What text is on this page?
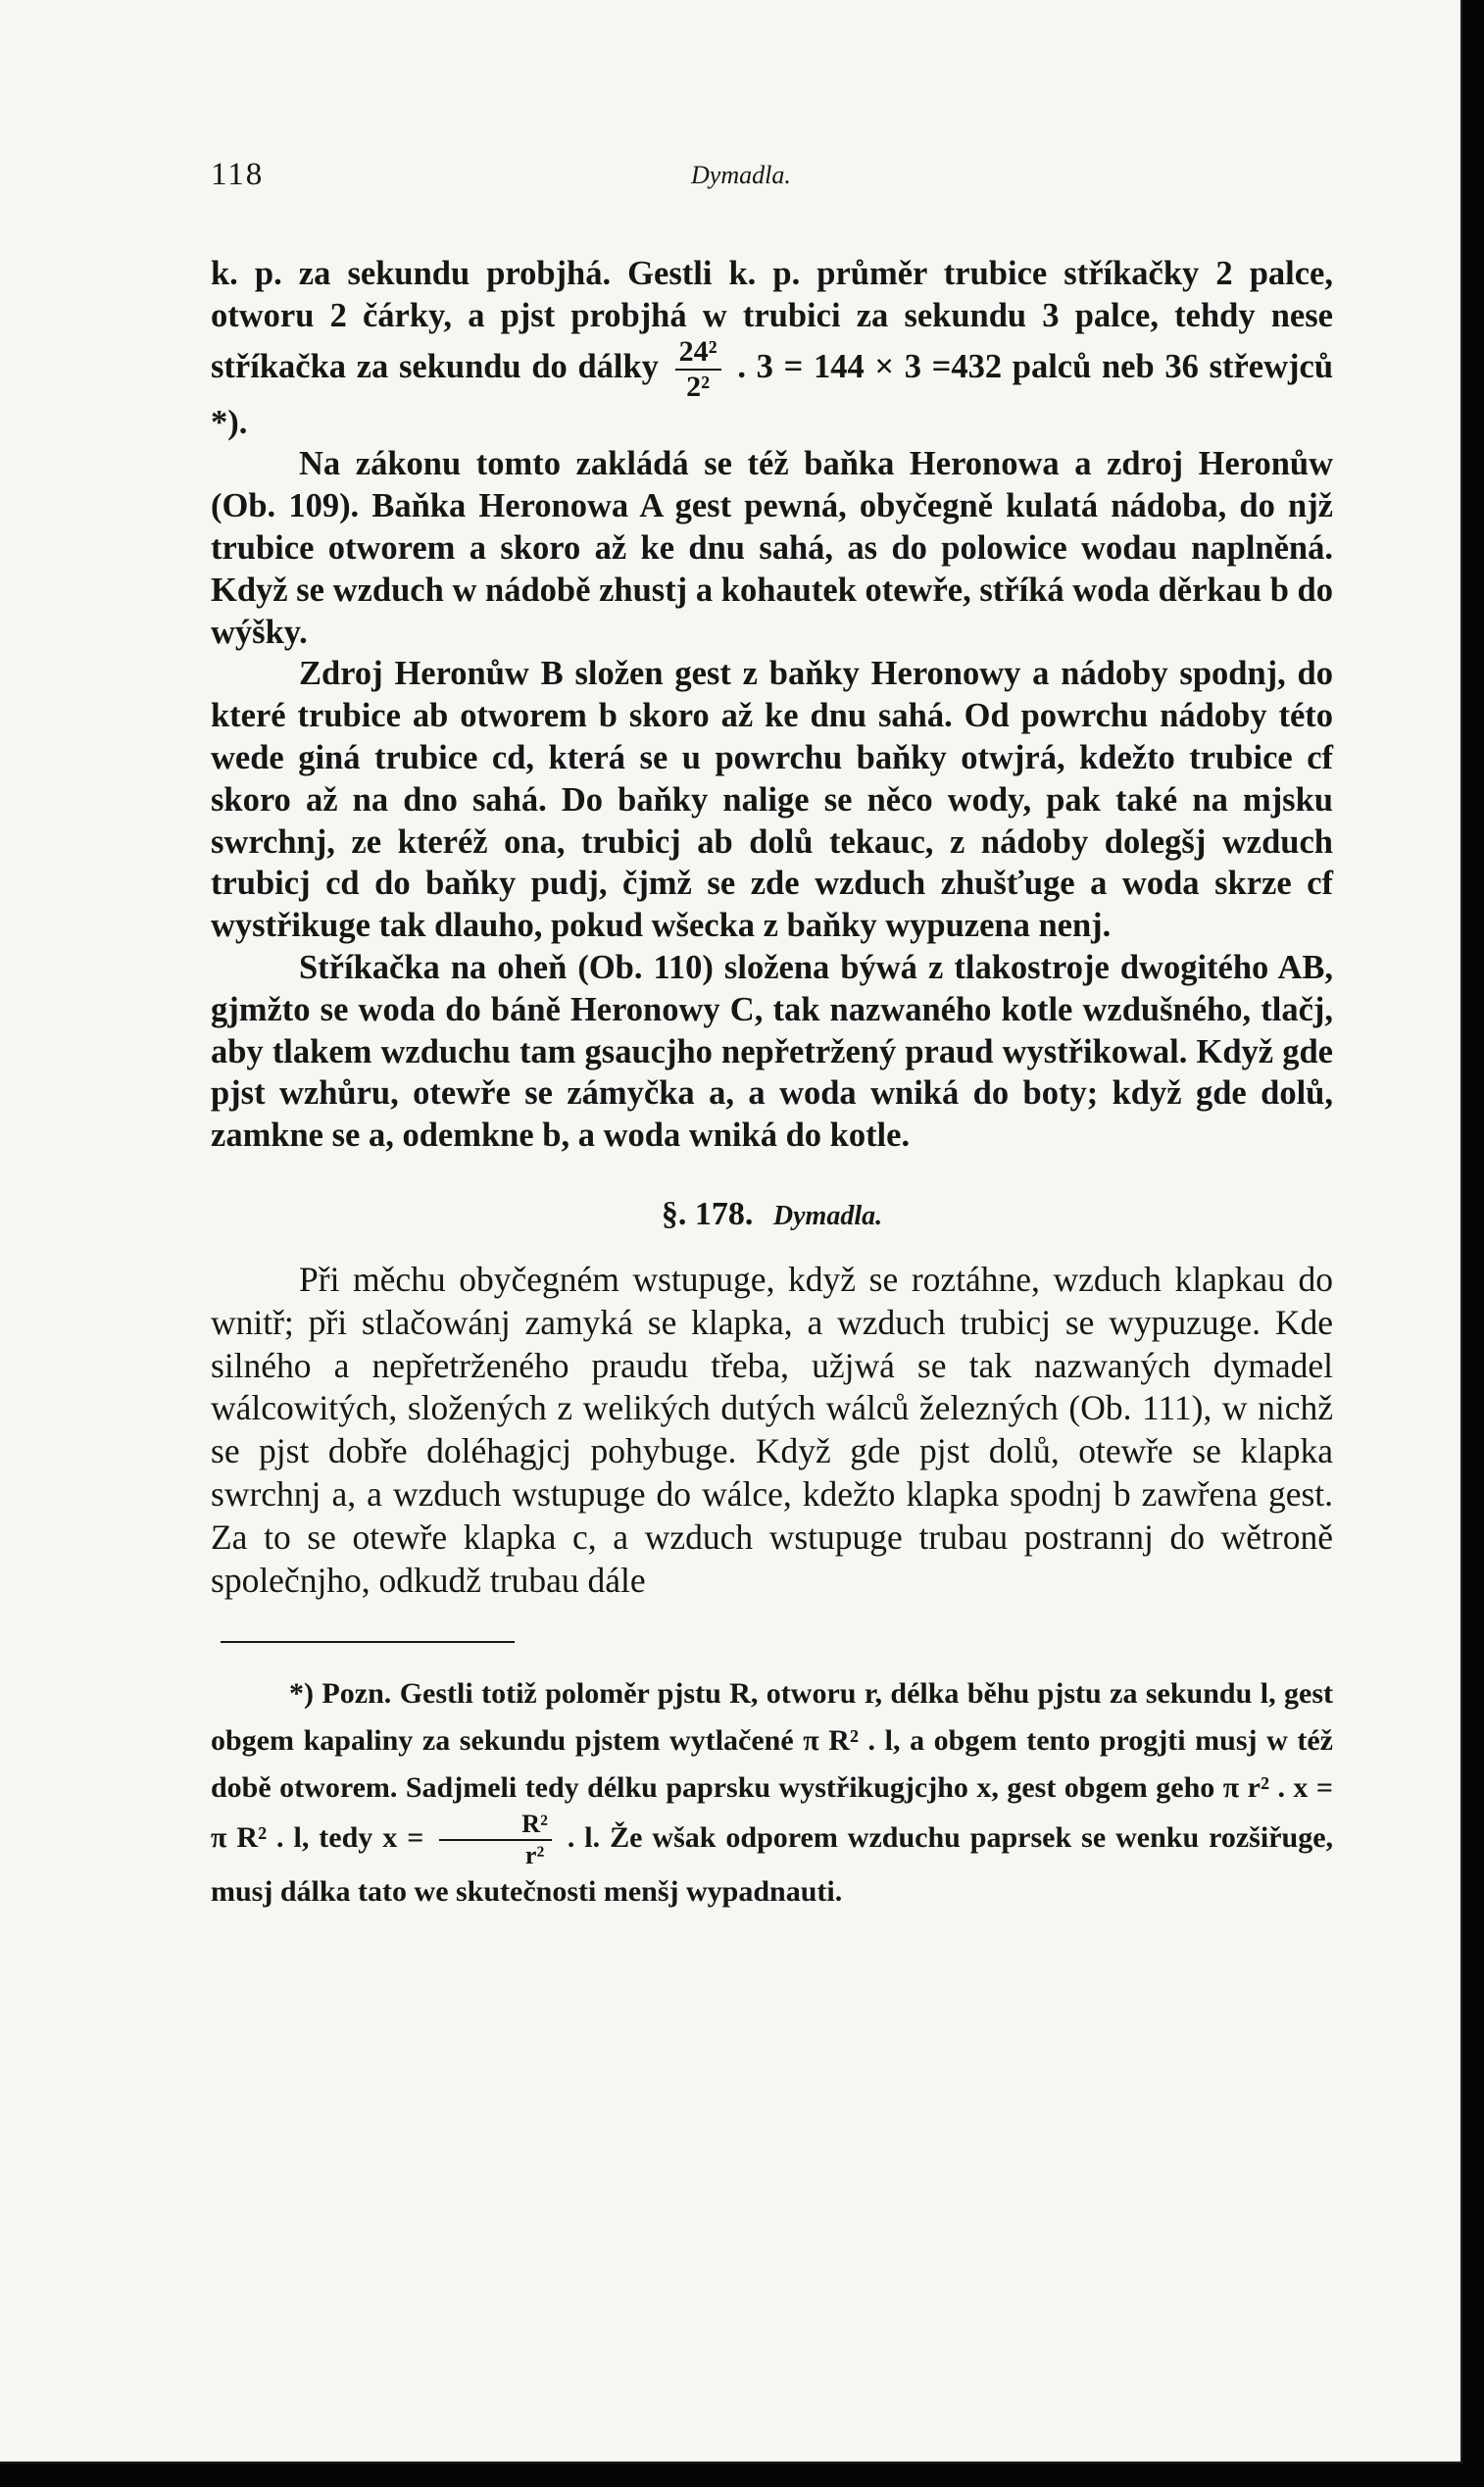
118	Dymadla.

k. p. za sekundu probjhá. Gestli k. p. průměr trubice stříkačky 2 palce, otworu 2 čárky, a pjst probjhá w trubici za sekundu 3 palce, tehdy nese stříkačka za sekundu do dálky $\frac{\text{24²}}{\text{2²}}$ . 3 = 144 × 3 =432 palců neb 36 střewjců *).

Na zákonu tomto zakládá se též baňka Heronowa a zdroj Heronůw (Ob. 109). Baňka Heronowa A gest pewná, obyčegně kulatá nádoba, do njž trubice otworem a skoro až ke dnu sahá, as do polowice wodau naplněná. Když se wzduch w nádobě zhustj a kohautek otewře, stříká woda děrkau b do wýšky.

Zdroj Heronůw B složen gest z baňky Heronowy a nádoby spodnj, do které trubice ab otworem b skoro až ke dnu sahá. Od powrchu nádoby této wede giná trubice cd, která se u powrchu baňky otwjrá, kdežto trubice cf skoro až na dno sahá. Do baňky nalige se něco wody, pak také na mjsku swrchnj, ze kteréž ona, trubicj ab dolů tekauc, z nádoby dolegšj wzduch trubicj cd do baňky pudj, čjmž se zde wzduch zhušťuge a woda skrze cf wystřikuge tak dlauho, pokud wšecka z baňky wypuzena nenj.

Stříkačka na oheň (Ob. 110) složena býwá z tlakostroje dwogitého AB, gjmžto se woda do báně Heronowy C, tak nazwaného kotle wzdušného, tlačj, aby tlakem wzduchu tam gsaucjho nepřetržený praud wystřikowal. Když gde pjst wzhůru, otewře se zámyčka a, a woda wniká do boty; když gde dolů, zamkne se a, odemkne b, a woda wniká do kotle.

§. 178. Dymadla.

Při měchu obyčegném wstupuge, když se roztáhne, wzduch klapkau do wnitř; při stlačowánj zamyká se klapka, a wzduch trubicj se wypuzuge. Kde silného a nepřetrženého praudu třeba, užjwá se tak nazwaných dymadel wálcowitých, složených z welikých dutých wálců železných (Ob. 111), w nichž se pjst dobře doléhagjcj pohybuge. Když gde pjst dolů, otewře se klapka swrchnj a, a wzduch wstupuge do wálce, kdežto klapka spodnj b zawřena gest. Za to se otewře klapka c, a wzduch wstupuge trubau postrannj do wětroně společnjho, odkudž trubau dále

*) Pozn. Gestli totiž poloměr pjstu R, otworu r, délka běhu pjstu za sekundu l, gest obgem kapaliny za sekundu pjstem wytlačené π R² . l, a obgem tento progjti musj w též době otworem. Sadjmeli tedy délku paprsku wystřikugjcjho x, gest obgem geho π r² . x = π R² . l, tedy $x = \frac{\text{R²}}{\text{r²}}$ . l. Že wšak odporem wzduchu paprsek se wenku rozšiřuge, musj dálka tato we skutečnosti menšj wypadnauti.
